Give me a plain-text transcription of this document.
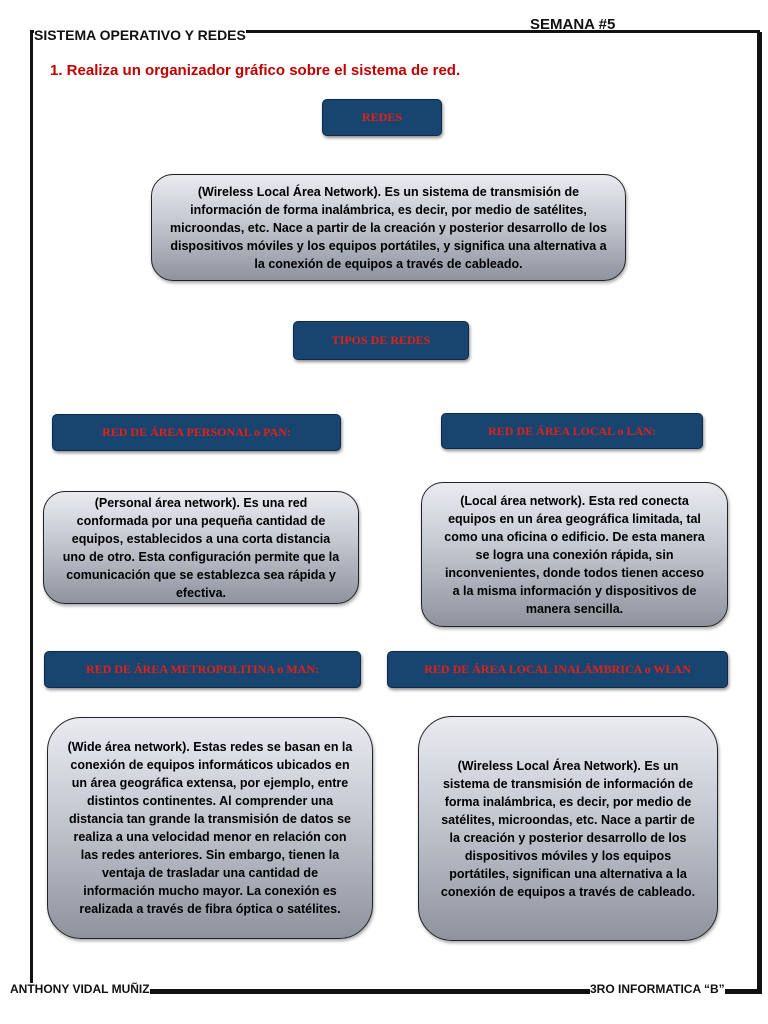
SEMANA #5
SISTEMA OPERATIVO Y REDES
1. Realiza un organizador gráfico sobre el sistema de red.
REDES
(Wireless Local Área Network). Es un sistema de transmisión de información de forma inalámbrica, es decir, por medio de satélites, microondas, etc. Nace a partir de la creación y posterior desarrollo de los dispositivos móviles y los equipos portátiles, y significa una alternativa a la conexión de equipos a través de cableado.
TIPOS DE REDES
RED DE ÁREA PERSONAL o PAN:
(Personal área network). Es una red conformada por una pequeña cantidad de equipos, establecidos a una corta distancia uno de otro. Esta configuración permite que la comunicación que se establezca sea rápida y efectiva.
RED DE ÁREA LOCAL o LAN:
(Local área network). Esta red conecta equipos en un área geográfica limitada, tal como una oficina o edificio. De esta manera se logra una conexión rápida, sin inconvenientes, donde todos tienen acceso a la misma información y dispositivos de manera sencilla.
RED DE ÁREA METROPOLITINA o MAN:
(Wide área network). Estas redes se basan en la conexión de equipos informáticos ubicados en un área geográfica extensa, por ejemplo, entre distintos continentes. Al comprender una distancia tan grande la transmisión de datos se realiza a una velocidad menor en relación con las redes anteriores. Sin embargo, tienen la ventaja de trasladar una cantidad de información mucho mayor. La conexión es realizada a través de fibra óptica o satélites.
RED DE ÁREA LOCAL INALÁMBRICA o WLAN
(Wireless Local Área Network). Es un sistema de transmisión de información de forma inalámbrica, es decir, por medio de satélites, microondas, etc. Nace a partir de la creación y posterior desarrollo de los dispositivos móviles y los equipos portátiles, significan una alternativa a la conexión de equipos a través de cableado.
ANTHONY VIDAL MUÑIZ	3RO INFORMATICA “B”
